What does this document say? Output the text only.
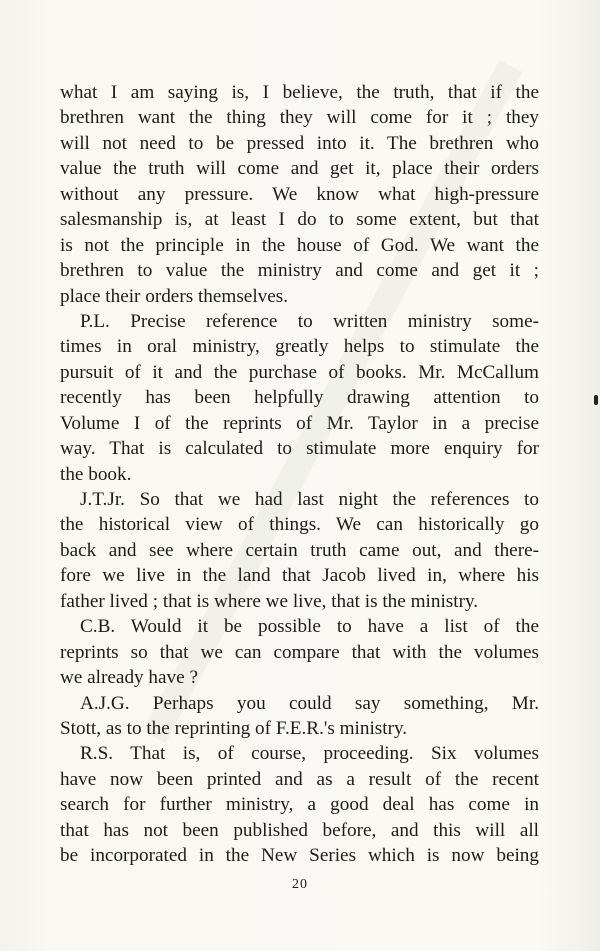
what I am saying is, I believe, the truth, that if the
brethren want the thing they will come for it ; they
will not need to be pressed into it. The brethren who
value the truth will come and get it, place their orders
without any pressure. We know what high-pressure
salesmanship is, at least I do to some extent, but that
is not the principle in the house of God. We want the
brethren to value the ministry and come and get it ;
place their orders themselves.
P.L. Precise reference to written ministry some-
times in oral ministry, greatly helps to stimulate the
pursuit of it and the purchase of books. Mr. McCallum
recently has been helpfully drawing attention to
Volume I of the reprints of Mr. Taylor in a precise
way. That is calculated to stimulate more enquiry for
the book.
J.T.Jr. So that we had last night the references to
the historical view of things. We can historically go
back and see where certain truth came out, and there-
fore we live in the land that Jacob lived in, where his
father lived ; that is where we live, that is the ministry.
C.B. Would it be possible to have a list of the
reprints so that we can compare that with the volumes
we already have ?
A.J.G. Perhaps you could say something, Mr.
Stott, as to the reprinting of F.E.R.'s ministry.
R.S. That is, of course, proceeding. Six volumes
have now been printed and as a result of the recent
search for further ministry, a good deal has come in
that has not been published before, and this will all
be incorporated in the New Series which is now being
20
